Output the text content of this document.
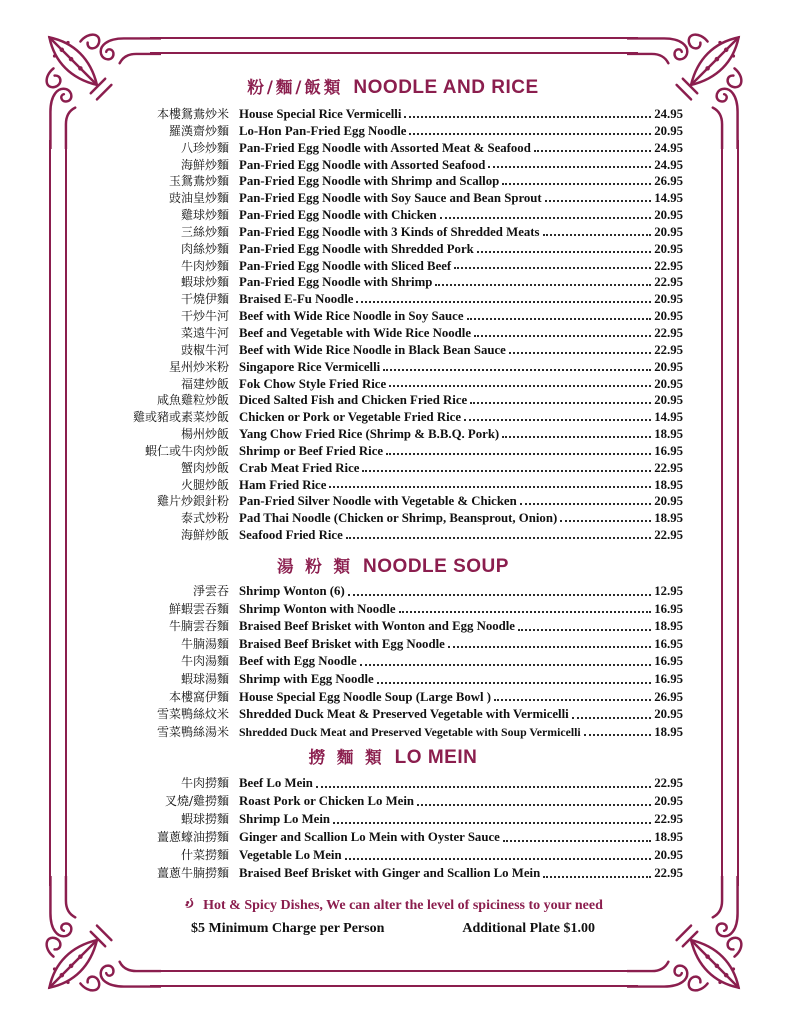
粉/麵/飯類 NOODLE AND RICE
本樓鴛鴦炒米 House Special Rice Vermicelli	24.95
羅漢齋炒麵 Lo-Hon Pan-Fried Egg Noodle	20.95
八珍炒麵 Pan-Fried Egg Noodle with Assorted Meat & Seafood	24.95
海鮮炒麵 Pan-Fried Egg Noodle with Assorted Seafood	24.95
玉鴛鴦炒麵 Pan-Fried Egg Noodle with Shrimp and Scallop	26.95
豉油皇炒麵 Pan-Fried Egg Noodle with Soy Sauce and Bean Sprout	14.95
雞球炒麵 Pan-Fried Egg Noodle with Chicken	20.95
三絲炒麵 Pan-Fried Egg Noodle with 3 Kinds of Shredded Meats	20.95
肉絲炒麵 Pan-Fried Egg Noodle with Shredded Pork	20.95
牛肉炒麵 Pan-Fried Egg Noodle with Sliced Beef	22.95
蝦球炒麵 Pan-Fried Egg Noodle with Shrimp	22.95
干燒伊麵 Braised E-Fu Noodle	20.95
干炒牛河 Beef with Wide Rice Noodle in Soy Sauce	20.95
菜遠牛河 Beef and Vegetable with Wide Rice Noodle	22.95
豉椒牛河 Beef with Wide Rice Noodle in Black Bean Sauce	22.95
星州炒米粉 Singapore Rice Vermicelli	20.95
福建炒飯 Fok Chow Style Fried Rice	20.95
咸魚雞粒炒飯 Diced Salted Fish and Chicken Fried Rice	20.95
雞或豬或素菜炒飯 Chicken or Pork or Vegetable Fried Rice	14.95
楊州炒飯 Yang Chow Fried Rice (Shrimp & B.B.Q. Pork)	18.95
蝦仁或牛肉炒飯 Shrimp or Beef Fried Rice	16.95
蟹肉炒飯 Crab Meat Fried Rice	22.95
火腿炒飯 Ham Fried Rice	18.95
雞片炒銀針粉 Pan-Fried Silver Noodle with Vegetable & Chicken	20.95
泰式炒粉 Pad Thai Noodle (Chicken or Shrimp, Beansprout, Onion)	18.95
海鮮炒飯 Seafood Fried Rice	22.95
湯 粉 類 NOODLE SOUP
淨雲吞 Shrimp Wonton (6)	12.95
鮮蝦雲吞麵 Shrimp Wonton with Noodle	16.95
牛腩雲吞麵 Braised Beef Brisket with Wonton and Egg Noodle	18.95
牛腩湯麵 Braised Beef Brisket with Egg Noodle	16.95
牛肉湯麵 Beef with Egg Noodle	16.95
蝦球湯麵 Shrimp with Egg Noodle	16.95
本樓窩伊麵 House Special Egg Noodle Soup (Large Bowl )	26.95
雪菜鴨絲炆米 Shredded Duck Meat & Preserved Vegetable with Vermicelli	20.95
雪菜鴨絲湯米 Shredded Duck Meat and Preserved Vegetable with Soup Vermicelli	18.95
撈 麵 類 LO MEIN
牛肉撈麵 Beef Lo Mein	22.95
叉燒/雞撈麵 Roast Pork or Chicken Lo Mein	20.95
蝦球撈麵 Shrimp Lo Mein	22.95
薑蔥蠔油撈麵 Ginger and Scallion Lo Mein with Oyster Sauce	18.95
什菜撈麵 Vegetable Lo Mein	20.95
薑蔥牛腩撈麵 Braised Beef Brisket with Ginger and Scallion Lo Mein	22.95
Hot & Spicy Dishes, We can alter the level of spiciness to your need
$5 Minimum Charge per Person	Additional Plate $1.00
